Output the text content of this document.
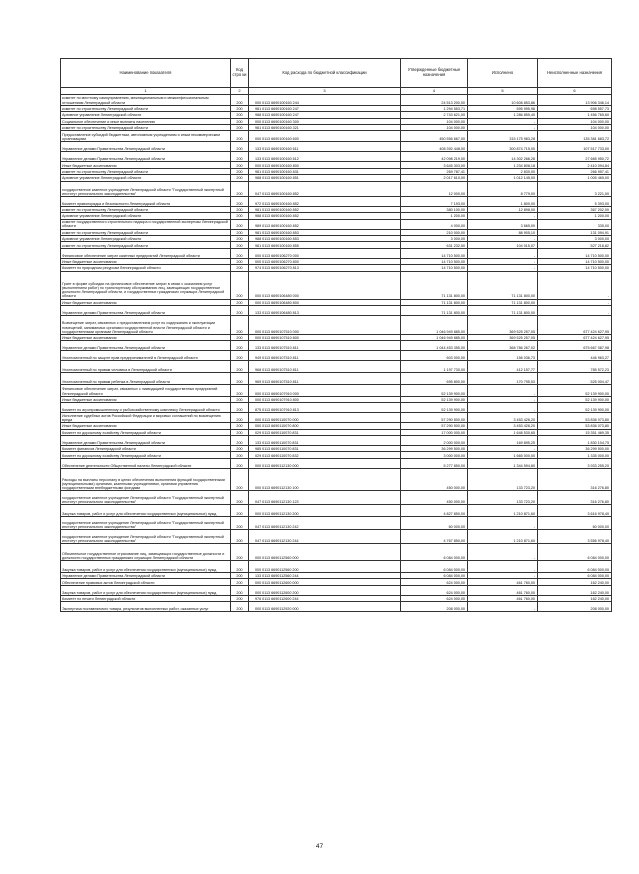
Наименование показателя	Код стро ки	Код расхода по бюджетной классификации	Утвержденные бюджетные назначения	Исполнено	Неисполненные назначения
1	2	3	4	5	6
комитет по местному самоуправлению, межнациональным и межконфессиональным отношениям Ленинградской области	200	000 0113 6690100160 244	24 513 200,00	10 608 853,86	13 906 346,14
комитет по строительству Ленинградской области	200	981 0113 6690100160 247	1 294 553,71	595 995,98	698 557,73
Архивное управление Ленинградской области	200	988 0113 6690100160 247	2 743 621,00	1 286 855,40	1 456 765,60
Социальное обеспечение и иные выплаты населению	200	000 0113 6690100160 300	104 000,00	-	104 000,00
комитет по строительству Ленинградской области	200	981 0113 6690100160 321	104 000,00	-	104 000,00
Предоставление субсидий бюджетным, автономным учреждениям и иным некоммерческим организациям	200	000 0113 6690100160 600	450 556 667,00	315 175 983,28	135 381 683,72
Управление делами Правительства Ленинградской области	200	133 0113 6690100160 611	408 392 448,00	300 874 715,00	107 517 733,00
Управление делами Правительства Ленинградской области	200	133 0113 6690100160 612	42 098 219,00	14 302 268,28	27 665 950,72
Иные бюджетные ассигнования	200	000 0113 6690100160 800	3 645 303,00	1 234 808,18	2 410 094,84
комитет по строительству Ленинградской области	200	981 0113 6690100160 831	269 787,41	2 830,00	266 957,41
Архивное управление Ленинградской области	200	988 0113 6690100160 851	2 017 610,00	1 012 145,00	1 005 465,00
государственное казенное учреждение Ленинградской области "Государственный экспертный институт регионального законодательства"	200	047 0113 6690100160 852	12 000,00	8 779,00	3 221,00
Комитет правопорядка и безопасности Ленинградской области	200	972 0113 6690100160 852	7 193,00	1 800,00	5 393,00
комитет по строительству Ленинградской области	200	981 0113 6690100160 852	380 100,00	12 898,00	367 202,00
Архивное управление Ленинградской области	200	988 0113 6690100160 852	1 200,00	-	1 200,00
комитет государственного строительного надзора и государственной экспертизы Ленинградской области	200	989 0113 6690100160 852	4 000,00	3 665,00	335,00
комитет по строительству Ленинградской области	200	981 0113 6690100160 853	210 000,00	88 905,10	131 094,91
Архивное управление Ленинградской области	200	988 0113 6690100160 853	3 000,00	-	3 000,00
комитет по строительству Ленинградской области	200	981 0113 6690100160 855	631 232,50	104 015,07	527 218,82
Финансовое обеспечение затрат казенных предприятий Ленинградской области	200	000 0113 6690106270 000	14 710 500,00	-	14 710 500,00
Иные бюджетные ассигнования	200	000 0113 6690106270 800	14 710 500,00	-	14 710 500,00
Комитет по природным ресурсам Ленинградской области	200	974 0113 6690106270 813	14 710 500,00	-	14 710 500,00
Грант в форме субсидии на финансовое обеспечение затрат в связи с оказанием услуг (выполнением работ) по транспортному обслуживанию лиц, замещающих государственные должности Ленинградской области, и государственных гражданских служащих Ленинградской области	200	000 0113 6690106480 000	71 131 800,00	71 131 800,00	-
Иные бюджетные ассигнования	200	000 0113 6690106480 800	71 131 800,00	71 131 800,00	-
Управление делами Правительства Ленинградской области	200	133 0113 6690106480 813	71 131 800,00	71 131 800,00	-
Возмещение затрат, связанных с предоставлением услуг по содержанию и эксплуатации помещений, занимаемых органами государственной власти Ленинградской области и государственными органами Ленинградской области	200	000 0113 6690107510 000	1 046 949 885,00	369 525 257,05	677 424 627,95
Иные бюджетные ассигнования	200	000 0113 6690107510 800	1 046 949 885,00	369 525 257,05	677 424 627,95
Управление делами Правительства Ленинградской области	200	133 0113 6690107510 811	1 044 453 355,00	368 786 267,02	675 667 087,98
Уполномоченный по защите прав предпринимателей в Ленинградской области	200	949 0113 6690107510 811	603 000,00	156 036,73	446 963,27
Уполномоченный по правам человека в Ленинградской области	200	968 0113 6690107510 811	1 197 730,00	412 157,77	785 572,23
Уполномоченный по правам ребенка в Ленинградской области	200	969 0113 6690107510 811	695 800,00	170 795,53	525 004,47
Финансовое обеспечение затрат, связанных с ликвидацией государственных предприятий Ленинградской области	200	000 0113 6690107910 000	52 139 900,00	-	52 139 900,00
Иные бюджетные ассигнования	200	000 0113 6690107910 800	52 139 900,00	-	52 139 900,00
Комитет по агропромышленному и рыбохозяйственному комплексу Ленинградской области	200	875 0113 6690107910 813	52 139 900,00	-	52 139 900,00
Исполнение судебных актов Российской Федерации и мировых соглашений по возмещению вреда	200	000 0113 6690110070 000	57 290 500,00	3 453 426,20	53 836 073,80
Иные бюджетные ассигнования	200	000 0113 6690110070 800	57 290 500,00	3 453 426,20	53 836 073,80
Комитет по дорожному хозяйству Ленинградской области	200	029 0113 6690110070 831	17 000 000,00	1 648 530,65	15 351 469,35
Управление делами Правительства Ленинградской области	200	133 0113 6690110070 831	2 000 000,00	169 895,25	1 830 104,75
Комитет финансов Ленинградской области	200	985 0113 6690110070 831	36 299 500,00	-	36 299 500,00
Комитет по дорожному хозяйству Ленинградской области	200	029 0113 6690110070 832	3 000 000,00	1 665 000,00	1 335 000,00
Обеспечение деятельности Общественной палаты Ленинградской области	200	000 0113 6690112130 000	5 277 850,00	1 344 594,80	3 933 255,20
Расходы на выплаты персоналу в целях обеспечения выполнения функций государственными (муниципальными) органами, казенными учреждениями, органами управления государственными внебюджетными фондами	200	000 0113 6690112130 100	450 000,00	133 723,20	316 276,80
государственное казенное учреждение Ленинградской области "Государственный экспертный институт регионального законодательства"	200	047 0113 6690112130 123	450 000,00	133 723,20	316 276,80
Закупка товаров, работ и услуг для обеспечения государственных (муниципальных) нужд	200	000 0113 6690112130 200	4 827 850,00	1 210 871,60	3 616 978,40
государственное казенное учреждение Ленинградской области "Государственный экспертный институт регионального законодательства"	200	047 0113 6690112130 242	60 000,00	-	60 000,00
государственное казенное учреждение Ленинградской области "Государственный экспертный институт регионального законодательства"	200	047 0113 6690112130 244	4 767 850,00	1 210 871,60	3 556 978,40
Обязательное государственное страхование лиц, замещающих государственные должности и должности государственных гражданских служащих Ленинградской области	200	000 0113 6690112560 000	6 084 000,00	-	6 084 000,00
Закупка товаров, работ и услуг для обеспечения государственных (муниципальных) нужд	200	000 0113 6690112560 200	6 084 000,00	-	6 084 000,00
Управление делами Правительства Ленинградской области	200	133 0113 6690112560 244	6 084 000,00	-	6 084 000,00
Обеспечение правовых актов Ленинградской области	200	000 0113 6690112600 000	624 000,00	461 760,00	162 240,00
Закупка товаров, работ и услуг для обеспечения государственных (муниципальных) нужд	200	000 0113 6690112600 200	624 000,00	461 760,00	162 240,00
Комитет по печати Ленинградской области	200	976 0113 6690112600 244	624 000,00	461 760,00	162 240,00
Экспертиза поставляемого товара, результатов выполненных работ, оказанных услуг	200	000 0113 6690112920 000	208 000,00	-	208 000,00
47
